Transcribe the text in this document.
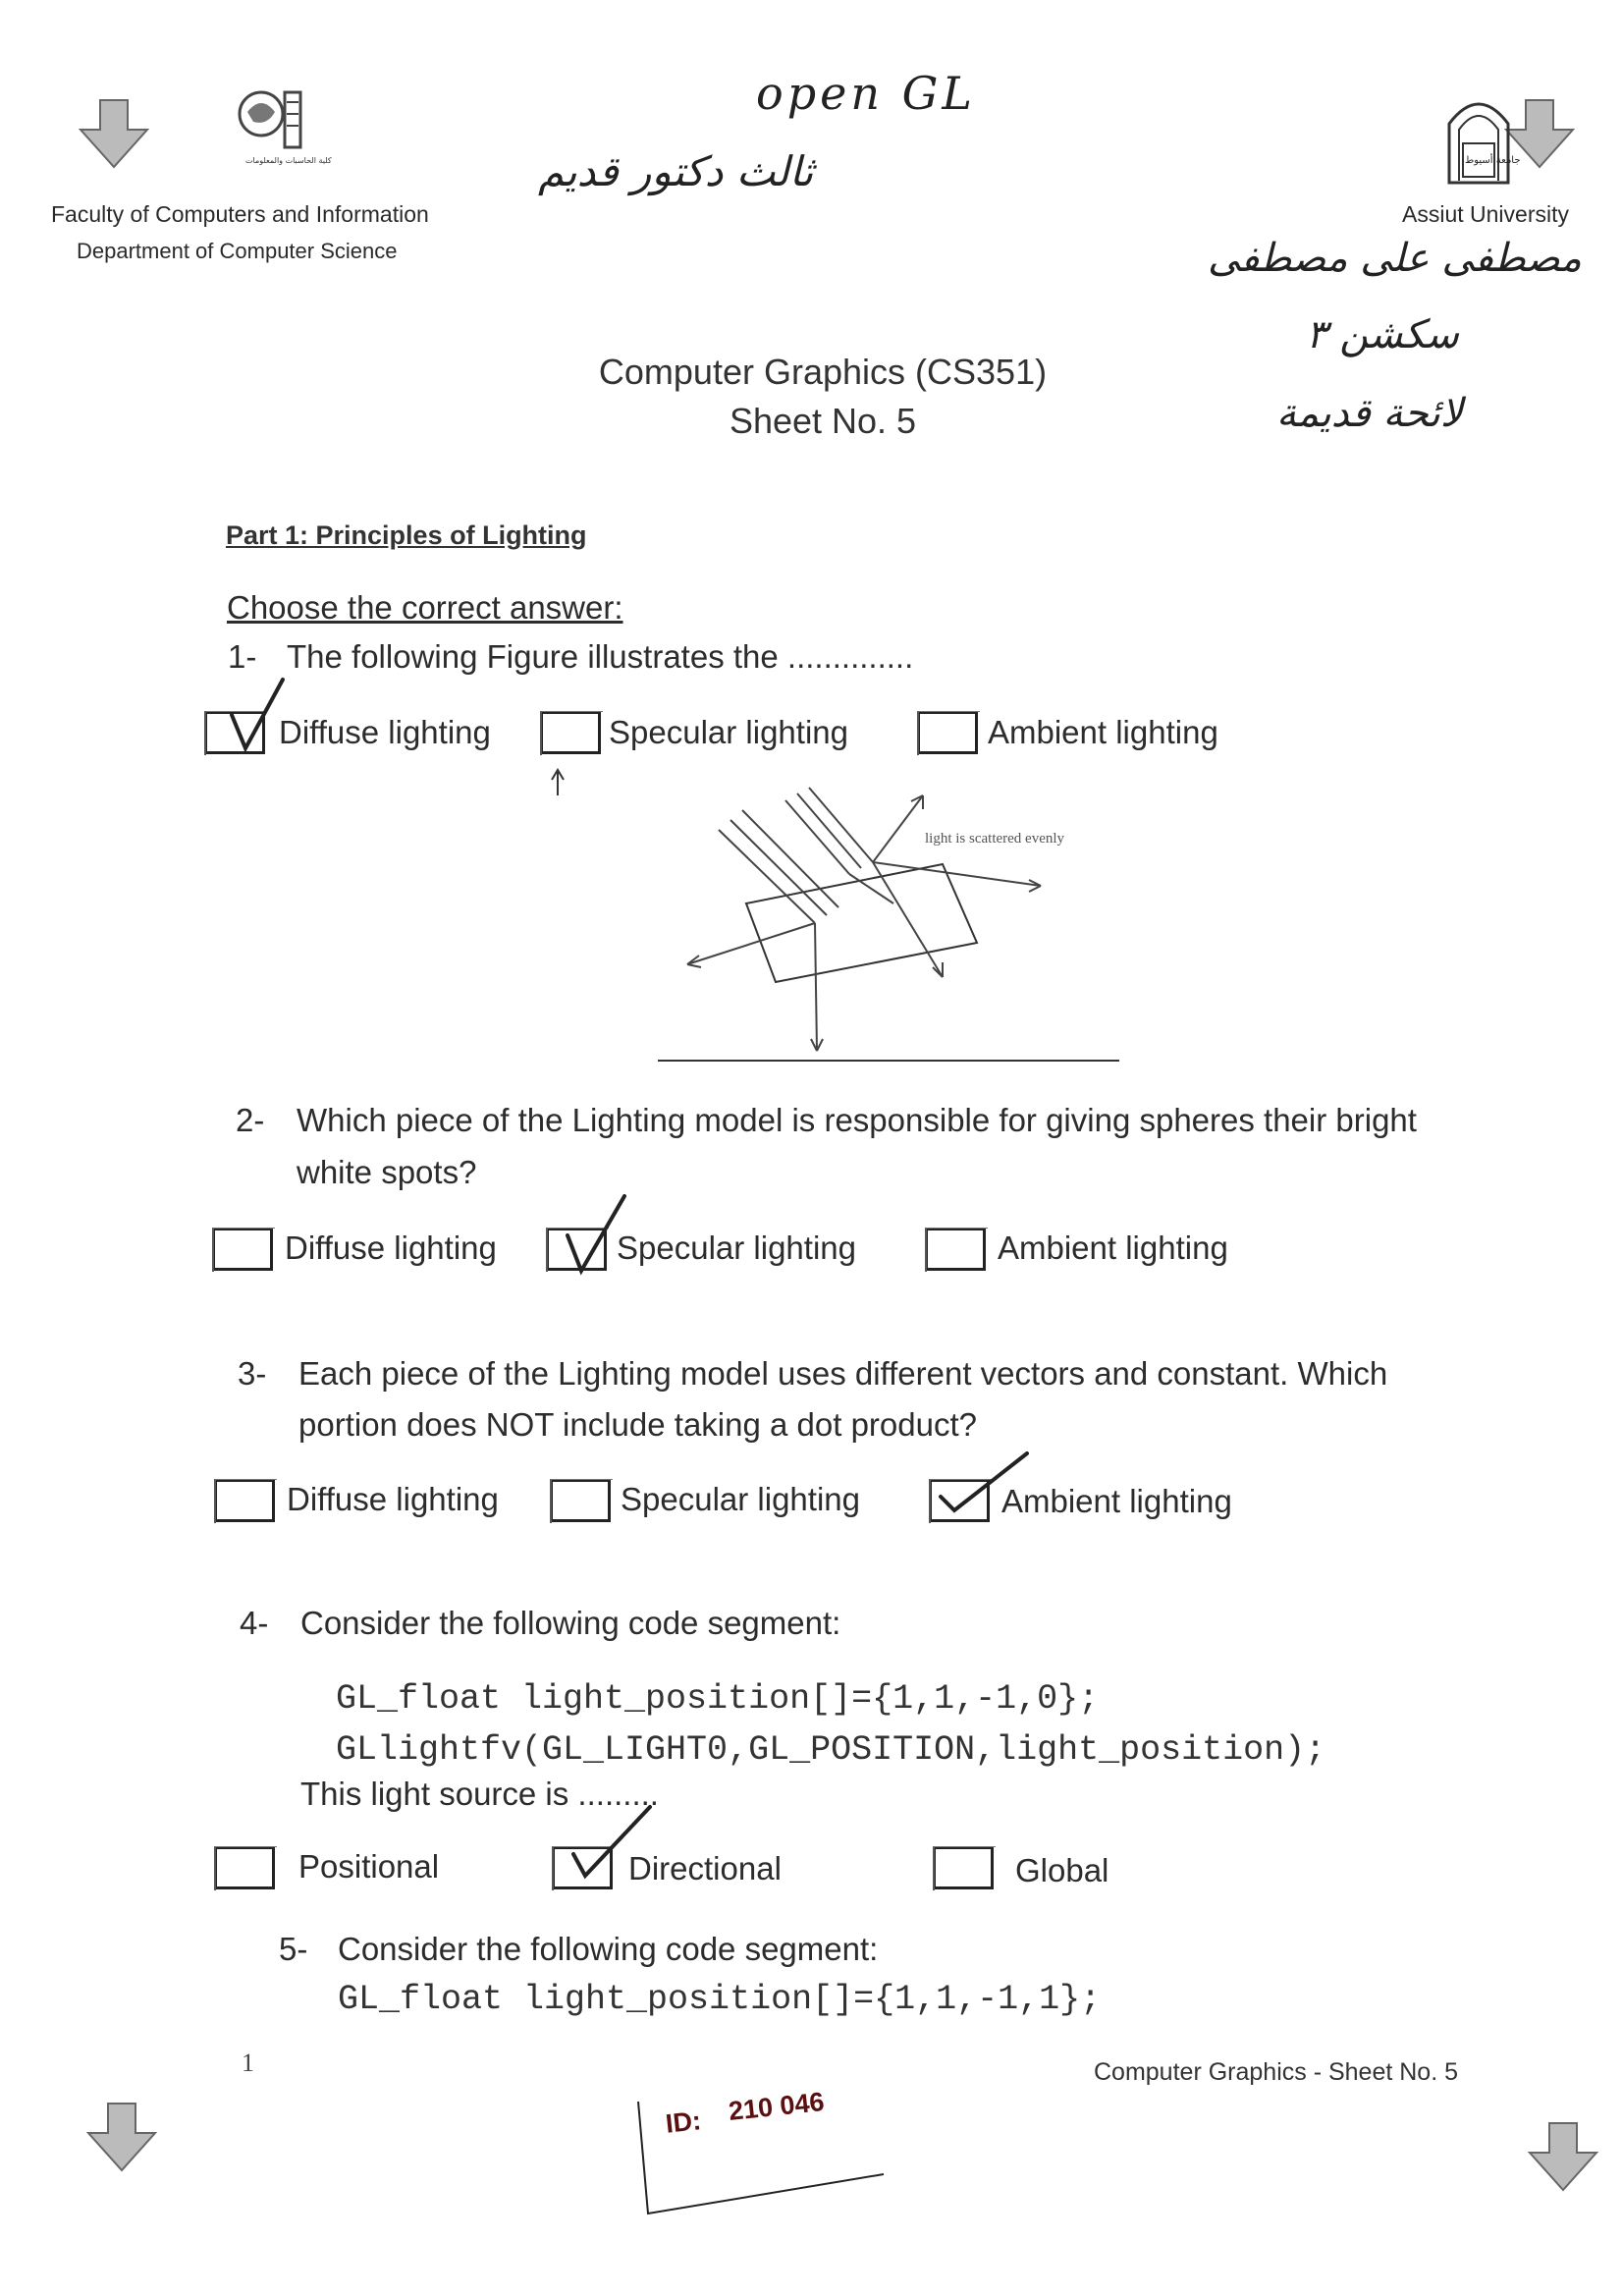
كلية الحاسبات والمعلومات	جامعة أسيوط
Faculty of Computers and Information
Department of Computer Science
Assiut University
open GL
ثالث دكتور قديم
مصطفى على مصطفى
سكشن ٣
لائحة قديمة
Computer Graphics (CS351)
Sheet No. 5
Part 1: Principles of Lighting
Choose the correct answer:
1- The following Figure illustrates the ..............
Diffuse lighting	Specular lighting	Ambient lighting
light is scattered evenly
2- Which piece of the Lighting model is responsible for giving spheres their bright
white spots?
Diffuse lighting	Specular lighting	Ambient lighting
3- Each piece of the Lighting model uses different vectors and constant. Which
portion does NOT include taking a dot product?
Diffuse lighting	Specular lighting	Ambient lighting
4- Consider the following code segment:
GL_float light_position[]={1,1,-1,0};
GLlightfv(GL_LIGHT0,GL_POSITION,light_position);
This light source is .........
Positional	Directional	Global
5- Consider the following code segment:
GL_float light_position[]={1,1,-1,1};
1	Computer Graphics - Sheet No. 5
ID: 210 046
